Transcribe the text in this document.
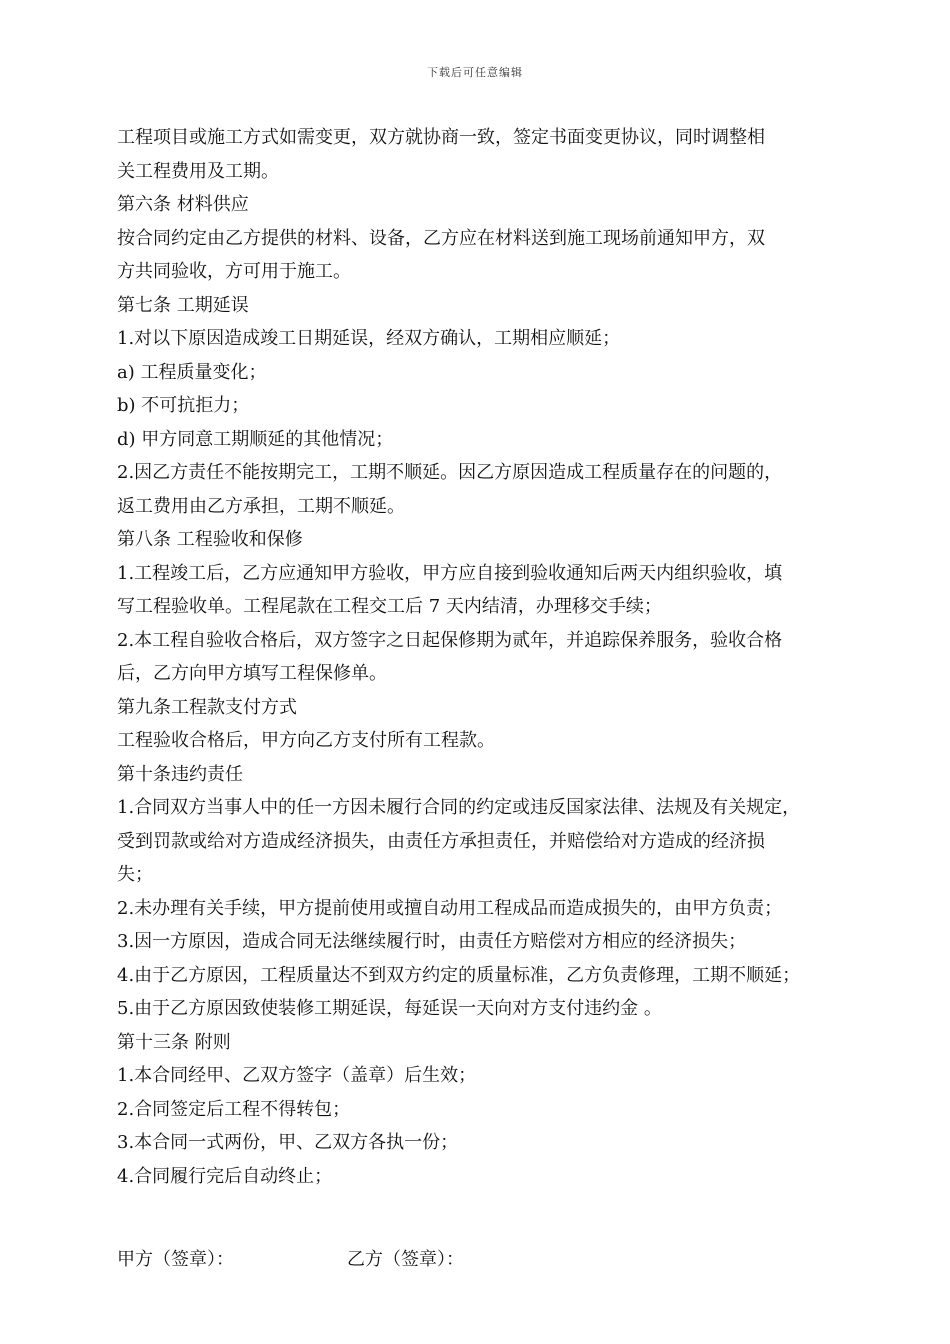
下载后可任意编辑
工程项目或施工方式如需变更，双方就协商一致，签定书面变更协议，同时调整相
关工程费用及工期。
第六条 材料供应
按合同约定由乙方提供的材料、设备，乙方应在材料送到施工现场前通知甲方，双
方共同验收，方可用于施工。
第七条 工期延误
1.对以下原因造成竣工日期延误，经双方确认，工期相应顺延；
a) 工程质量变化；
b) 不可抗拒力；
d) 甲方同意工期顺延的其他情况；
2.因乙方责任不能按期完工，工期不顺延。因乙方原因造成工程质量存在的问题的，
返工费用由乙方承担，工期不顺延。
第八条 工程验收和保修
1.工程竣工后，乙方应通知甲方验收，甲方应自接到验收通知后两天内组织验收，填
写工程验收单。工程尾款在工程交工后 7 天内结清，办理移交手续；
2.本工程自验收合格后，双方签字之日起保修期为贰年，并追踪保养服务，验收合格
后，乙方向甲方填写工程保修单。
第九条工程款支付方式
工程验收合格后，甲方向乙方支付所有工程款。
第十条违约责任
1.合同双方当事人中的任一方因未履行合同的约定或违反国家法律、法规及有关规定，
受到罚款或给对方造成经济损失，由责任方承担责任，并赔偿给对方造成的经济损
失；
2.未办理有关手续，甲方提前使用或擅自动用工程成品而造成损失的，由甲方负责；
3.因一方原因，造成合同无法继续履行时，由责任方赔偿对方相应的经济损失；
4.由于乙方原因，工程质量达不到双方约定的质量标准，乙方负责修理，工期不顺延；
5.由于乙方原因致使装修工期延误，每延误一天向对方支付违约金 。
第十三条 附则
1.本合同经甲、乙双方签字（盖章）后生效；
2.合同签定后工程不得转包；
3.本合同一式两份，甲、乙双方各执一份；
4.合同履行完后自动终止；
甲方（签章）：	乙方（签章）：
